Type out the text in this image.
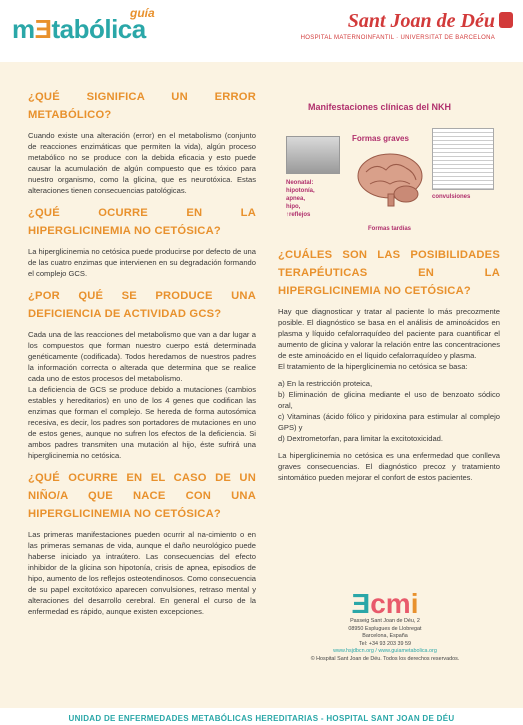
guía
mƎtabólica	Sant Joan de Déu
HOSPITAL MATERNOINFANTIL · UNIVERSITAT DE BARCELONA
¿QUÉ SIGNIFICA UN ERROR METABÓLICO?

Cuando existe una alteración (error) en el metabolismo (conjunto de reacciones enzimáticas que permiten la vida), algún proceso metabólico no se produce con la debida eficacia y esto puede causar la acumulación de algún compuesto que es tóxico para nuestro organismo, como la glicina, que es neurotóxica. Estas alteraciones tienen consecuencias patológicas.

¿QUÉ OCURRE EN LA HIPERGLICINEMIA NO CETÓSICA?

La hiperglicinemia no cetósica puede producirse por defecto de una de las cuatro enzimas que intervienen en su degradación formando el complejo GCS.

¿POR QUÉ SE PRODUCE UNA DEFICIENCIA DE ACTIVIDAD GCS?

Cada una de las reacciones del metabolismo que van a dar lugar a los compuestos que forman nuestro cuerpo está determinada genéticamente (codificada). Todos heredamos de nuestros padres la información correcta o alterada que determina que se realice cada uno de estos procesos del metabolismo.

La deficiencia de GCS se produce debido a mutaciones (cambios estables y hereditarios) en uno de los 4 genes que codifican las enzimas que forman el complejo. Se hereda de forma autosómica recesiva, es decir, los padres son portadores de mutaciones en uno de estos genes, aunque no sufren los efectos de la deficiencia. Si ambos padres transmiten una mutación al hijo, éste sufrirá una hiperglicinemia no cetósica.

¿QUÉ OCURRE EN EL CASO DE UN NIÑO/A QUE NACE CON UNA HIPERGLICINEMIA NO CETÓSICA?

Las primeras manifestaciones pueden ocurrir al na-cimiento o en las primeras semanas de vida, aunque el daño neurológico puede haberse iniciado ya intraútero. Las consecuencias del efecto inhibidor de la glicina son hipotonía, crisis de apnea, episodios de hipo, aumento de los reflejos osteotendinosos. Como consecuencia de su papel excitotóxico aparecen convulsiones, retraso mental y alteraciones del desarrollo cerebral. En general el curso de la enfermedad es rápido, aunque existen excepciones.

Manifestaciones clínicas del NKH
Formas graves
Neonatal:
hipotonía,
apnea,
hipo,
↑reflejos
convulsiones
Formas tardías
¿CUÁLES SON LAS POSIBILIDADES TERAPÉUTICAS EN LA HIPERGLICINEMIA NO CETÓSICA?

Hay que diagnosticar y tratar al paciente lo más precozmente posible. El diagnóstico se basa en el análisis de aminoácidos en plasma y líquido cefalorraquídeo del paciente para cuantificar el aumento de glicina y valorar la relación entre las concentraciones de este aminoácido en el líquido cefalorraquídeo y plasma.

El tratamiento de la hiperglicinemia no cetósica se basa:

a) En la restricción proteica,

b) Eliminación de glicina mediante el uso de benzoato sódico oral,

c) Vitaminas (ácido fólico y piridoxina para estimular al complejo GPS) y

d) Dextrometorfan, para limitar la excitotoxicidad.

La hiperglicinemia no cetósica es una enfermedad que conlleva graves consecuencias. El diagnóstico precoz y tratamiento sintomático pueden mejorar el confort de estos pacientes.

Ǝcmi
Passeig Sant Joan de Déu, 2
08950 Esplugues de Llobregat
Barcelona, España
Tel: +34 93 203 39 59
www.hsjdbcn.org / www.guiametabolica.org
© Hospital Sant Joan de Déu. Todos los derechos reservados.
UNIDAD DE ENFERMEDADES METABÓLICAS HEREDITARIAS - HOSPITAL SANT JOAN DE DÉU
